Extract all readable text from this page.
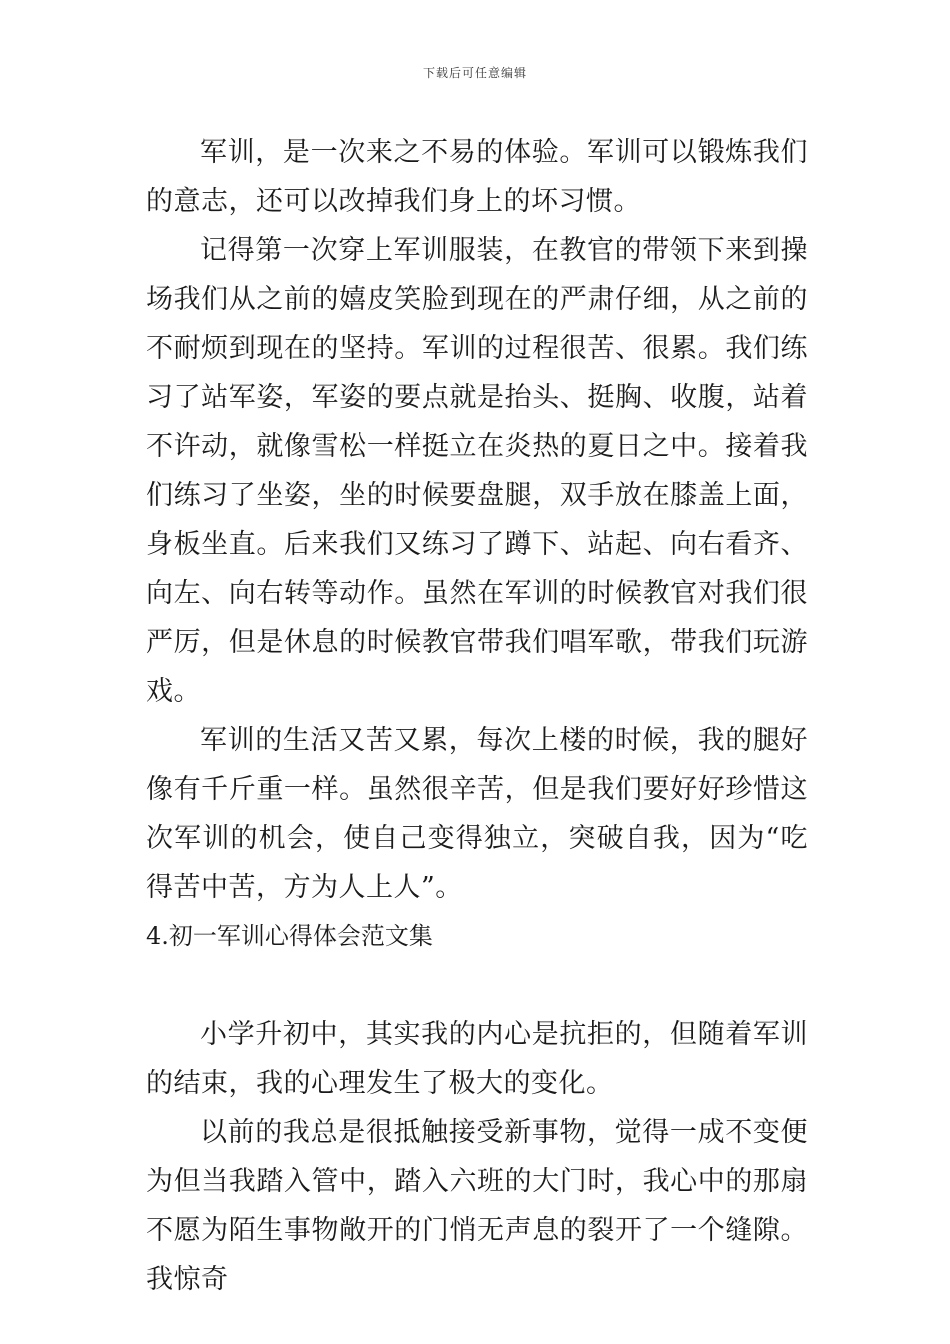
下载后可任意编辑

军训，是一次来之不易的体验。军训可以锻炼我们的意志，还可以改掉我们身上的坏习惯。

记得第一次穿上军训服装，在教官的带领下来到操场我们从之前的嬉皮笑脸到现在的严肃仔细，从之前的不耐烦到现在的坚持。军训的过程很苦、很累。我们练习了站军姿，军姿的要点就是抬头、挺胸、收腹，站着不许动，就像雪松一样挺立在炎热的夏日之中。接着我们练习了坐姿，坐的时候要盘腿，双手放在膝盖上面，身板坐直。后来我们又练习了蹲下、站起、向右看齐、向左、向右转等动作。虽然在军训的时候教官对我们很严厉，但是休息的时候教官带我们唱军歌，带我们玩游戏。

军训的生活又苦又累，每次上楼的时候，我的腿好像有千斤重一样。虽然很辛苦，但是我们要好好珍惜这次军训的机会，使自己变得独立，突破自我，因为“吃得苦中苦，方为人上人”。

4.初一军训心得体会范文集

小学升初中，其实我的内心是抗拒的，但随着军训的结束，我的心理发生了极大的变化。

以前的我总是很抵触接受新事物，觉得一成不变便为但当我踏入管中，踏入六班的大门时，我心中的那扇不愿为陌生事物敞开的门悄无声息的裂开了一个缝隙。我惊奇
